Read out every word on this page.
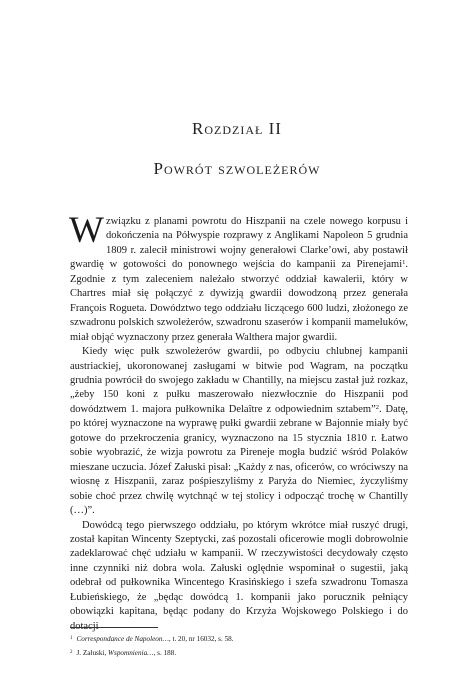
Rozdział II
Powrót szwoleżerów

Wzwiązku z planami powrotu do Hiszpanii na czele nowego korpusu i dokończenia na Półwyspie rozprawy z Anglikami Napoleon 5 grudnia 1809 r. zalecił ministrowi wojny generałowi Clarke’owi, aby postawił gwardię w gotowości do ponownego wejścia do kampanii za Pirenejami$^1$. Zgodnie z tym zaleceniem należało stworzyć oddział kawalerii, który w Chartres miał się połączyć z dywizją gwardii dowodzoną przez generała François Rogueta. Dowództwo tego oddziału liczącego 600 ludzi, złożonego ze szwadronu polskich szwoleżerów, szwadronu szaserów i kompanii mameluków, miał objąć wyznaczony przez generała Walthera major gwardii.

Kiedy więc pułk szwoleżerów gwardii, po odbyciu chlubnej kampanii austriackiej, ukoronowanej zasługami w bitwie pod Wagram, na początku grudnia powrócił do swojego zakładu w Chantilly, na miejscu zastał już rozkaz, „żeby 150 koni z pułku maszerowało niezwłocznie do Hiszpanii pod dowództwem 1. majora pułkownika Delaître z odpowiednim sztabem”$^2$. Datę, po której wyznaczone na wyprawę pułki gwardii zebrane w Bajonnie miały być gotowe do przekroczenia granicy, wyznaczono na 15 stycznia 1810 r. Łatwo sobie wyobrazić, że wizja powrotu za Pireneje mogła budzić wśród Polaków mieszane uczucia. Józef Załuski pisał: „Każdy z nas, oficerów, co wróciwszy na wiosnę z Hiszpanii, zaraz pośpieszyliśmy z Paryża do Niemiec, życzyliśmy sobie choć przez chwilę wytchnąć w tej stolicy i odpocząć trochę w Chantilly (…)”.

Dowódcą tego pierwszego oddziału, po którym wkrótce miał ruszyć drugi, został kapitan Wincenty Szeptycki, zaś pozostali oficerowie mogli dobrowolnie zadeklarować chęć udziału w kampanii. W rzeczywistości decydowały często inne czynniki niż dobra wola. Załuski oględnie wspominał o sugestii, jaką odebrał od pułkownika Wincentego Krasińskiego i szefa szwadronu Tomasza Łubieńskiego, że „będąc dowódcą 1. kompanii jako porucznik pełniący obowiązki kapitana, będąc podany do Krzyża Wojskowego Polskiego i do dotacji

$^1$ Correspondance de Napoleon…, t. 20, nr 16032, s. 58.
$^2$ J. Załuski, Wspomnienia…, s. 188.
